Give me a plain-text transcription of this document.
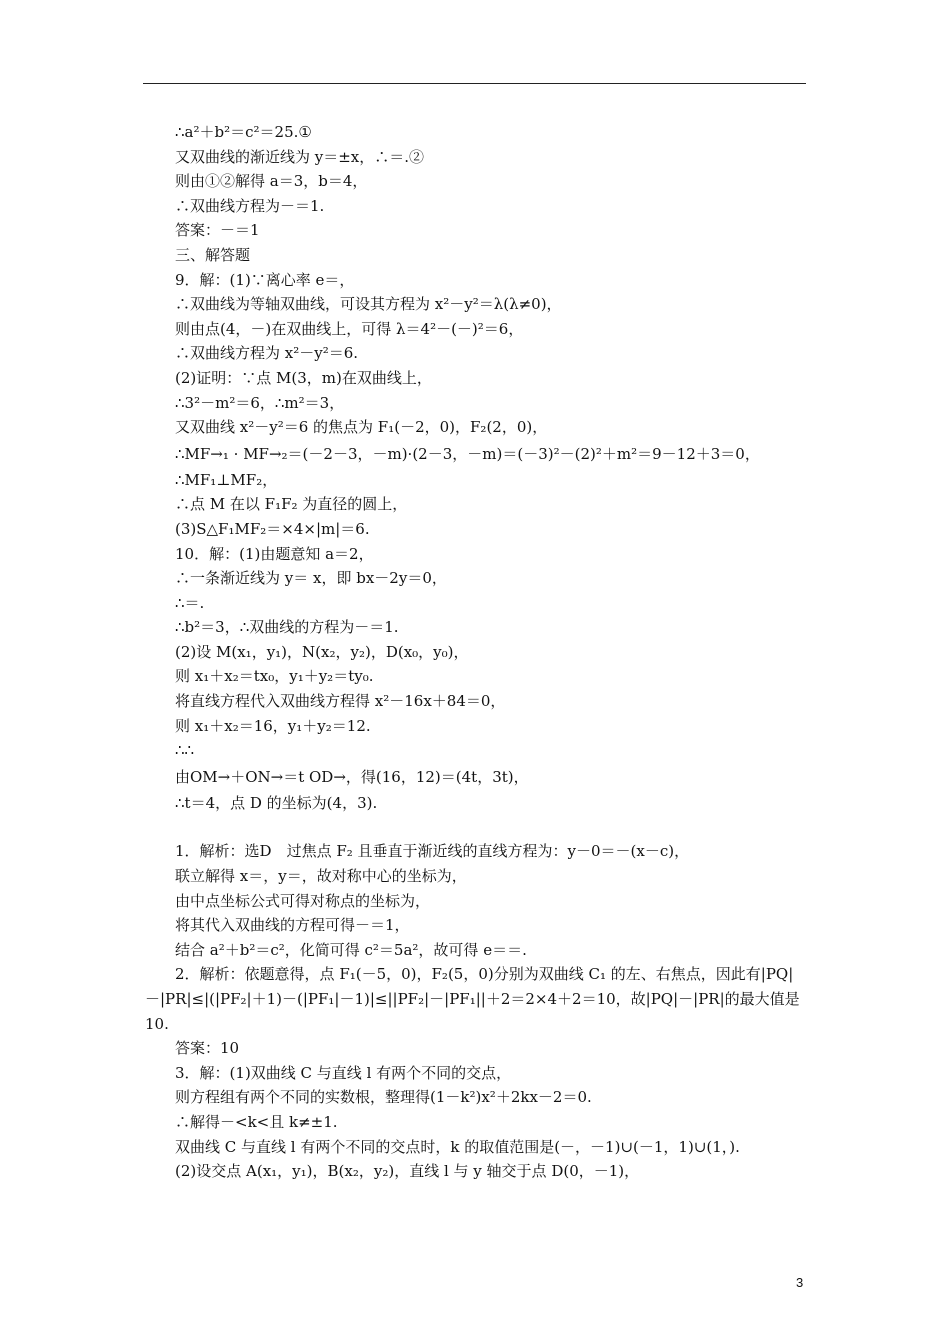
∴a²＋b²＝c²＝25.①

又双曲线的渐近线为 y＝±x，∴＝.②

则由①②解得 a＝3，b＝4，

∴双曲线方程为－＝1.

答案：－＝1

三、解答题

9．解：(1)∵离心率 e＝，

∴双曲线为等轴双曲线，可设其方程为 x²－y²＝λ(λ≠0)，

则由点(4，－)在双曲线上，可得 λ＝4²－(－)²＝6，

∴双曲线方程为 x²－y²＝6.

(2)证明：∵点 M(3，m)在双曲线上，

∴3²－m²＝6，∴m²＝3，

又双曲线 x²－y²＝6 的焦点为 F₁(－2，0)，F₂(2，0)，

∴MF→₁ · MF→₂＝(－2－3，－m)·(2－3，－m)＝(－3)²－(2)²＋m²＝9－12＋3＝0，

∴MF₁⊥MF₂，

∴点 M 在以 F₁F₂ 为直径的圆上，

(3)S△F₁MF₂＝×4×|m|＝6.

10．解：(1)由题意知 a＝2，

∴一条渐近线为 y＝ x，即 bx－2y＝0，

∴＝.

∴b²＝3，∴双曲线的方程为－＝1.

(2)设 M(x₁，y₁)，N(x₂，y₂)，D(x₀，y₀)，

则 x₁＋x₂＝tx₀，y₁＋y₂＝ty₀.

将直线方程代入双曲线方程得 x²－16x＋84＝0，

则 x₁＋x₂＝16，y₁＋y₂＝12.

∴∴

由OM→＋ON→＝t OD→，得(16，12)＝(4t，3t)，

∴t＝4，点 D 的坐标为(4，3).

1．解析：选D　过焦点 F₂ 且垂直于渐近线的直线方程为：y－0＝－(x－c)，

联立解得 x＝，y＝，故对称中心的坐标为，

由中点坐标公式可得对称点的坐标为，

将其代入双曲线的方程可得－＝1，

结合 a²＋b²＝c²，化简可得 c²＝5a²，故可得 e＝＝.

2．解析：依题意得，点 F₁(－5，0)，F₂(5，0)分别为双曲线 C₁ 的左、右焦点，因此有|PQ|－|PR|≤|(|PF₂|＋1)－(|PF₁|－1)|≤||PF₂|－|PF₁||＋2＝2×4＋2＝10，故|PQ|－|PR|的最大值是 10.

答案：10

3．解：(1)双曲线 C 与直线 l 有两个不同的交点，

则方程组有两个不同的实数根，整理得(1－k²)x²＋2kx－2＝0.

∴解得－<k<且 k≠±1.

双曲线 C 与直线 l 有两个不同的交点时，k 的取值范围是(－，－1)∪(－1，1)∪(1，).

(2)设交点 A(x₁，y₁)，B(x₂，y₂)，直线 l 与 y 轴交于点 D(0，－1)，

3
